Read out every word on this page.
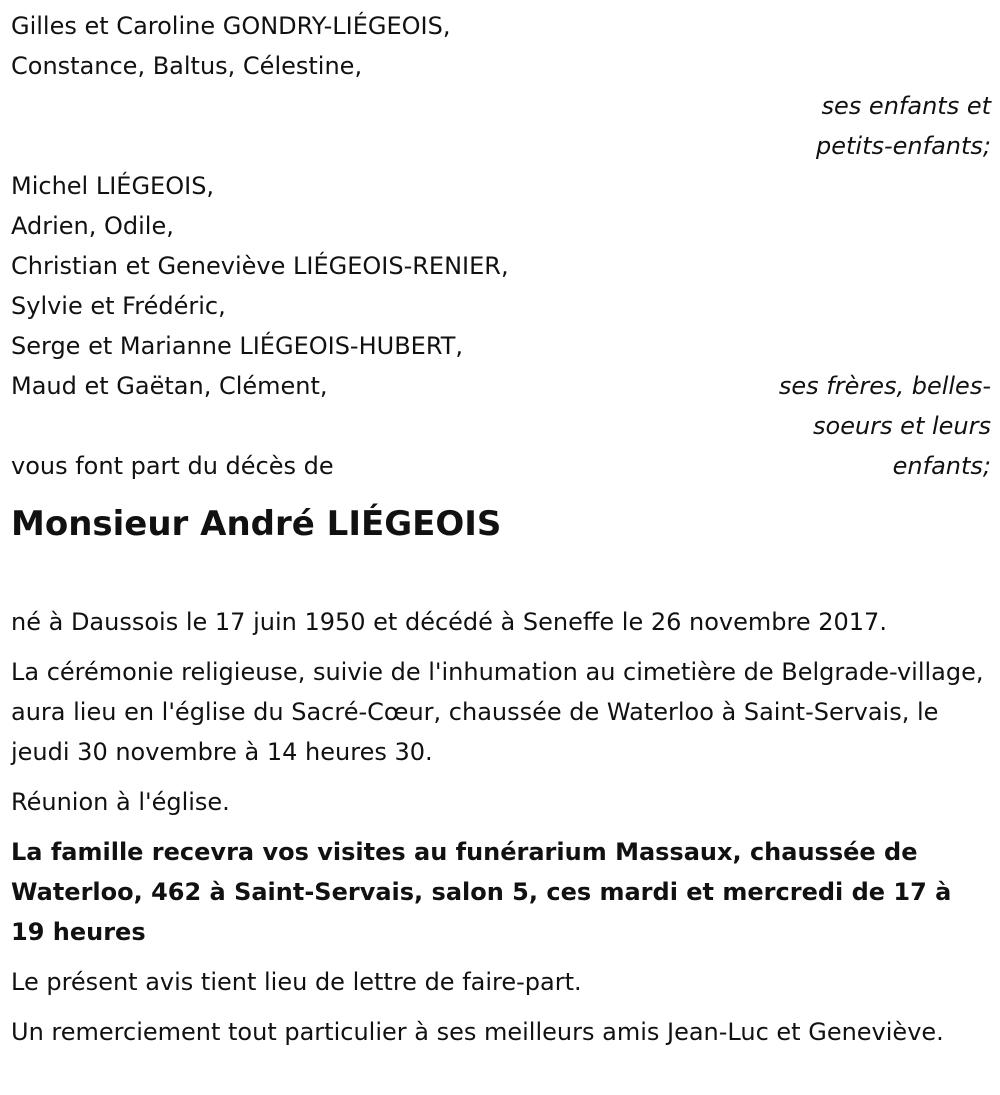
Gilles et Caroline GONDRY-LIÉGEOIS,
Constance, Baltus, Célestine,
ses enfants et
petits-enfants;
Michel LIÉGEOIS,
Adrien, Odile,
Christian et Geneviève LIÉGEOIS-RENIER,
Sylvie et Frédéric,
Serge et Marianne LIÉGEOIS-HUBERT,
Maud et Gaëtan, Clément,
vous font part du décès de
ses frères, belles-
soeurs et leurs
enfants;
Monsieur André LIÉGEOIS
né à Daussois le 17 juin 1950 et décédé à Seneffe le 26 novembre 2017.
La cérémonie religieuse, suivie de l'inhumation au cimetière de Belgrade-village, aura lieu en l'église du Sacré-Cœur, chaussée de Waterloo à Saint-Servais, le jeudi 30 novembre à 14 heures 30.
Réunion à l'église.
La famille recevra vos visites au funérarium Massaux, chaussée de Waterloo, 462 à Saint-Servais, salon 5, ces mardi et mercredi de 17 à 19 heures
Le présent avis tient lieu de lettre de faire-part.
Un remerciement tout particulier à ses meilleurs amis Jean-Luc et Geneviève.
